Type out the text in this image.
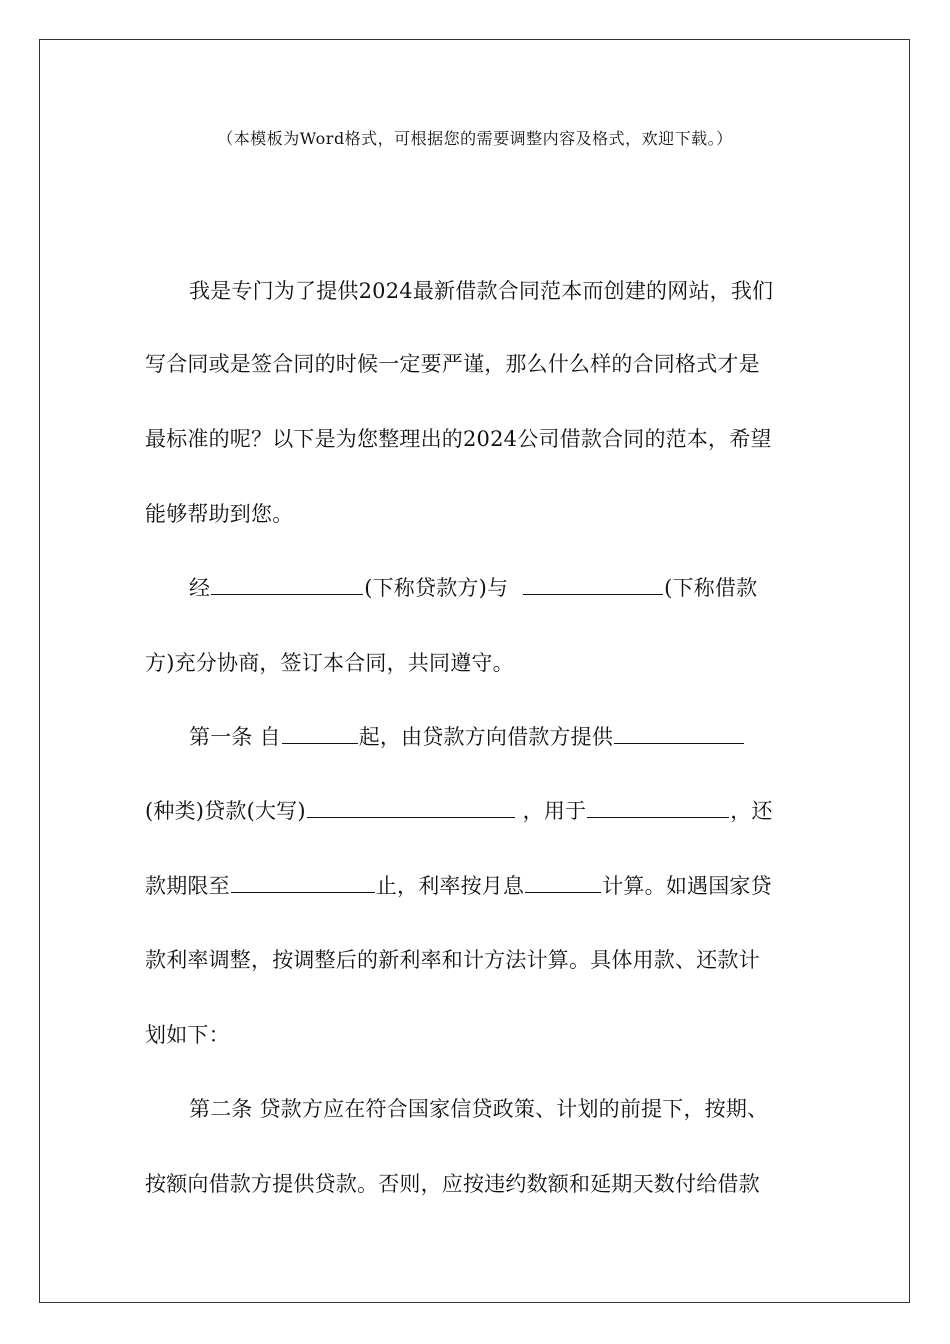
（本模板为Word格式，可根据您的需要调整内容及格式，欢迎下载。）
我是专门为了提供2024最新借款合同范本而创建的网站，我们
写合同或是签合同的时候一定要严谨，那么什么样的合同格式才是
最标准的呢？以下是为您整理出的2024公司借款合同的范本，希望
能够帮助到您。
经	(下称贷款方)与	(下称借款
方)充分协商，签订本合同，共同遵守。
第一条 自	起，由贷款方向借款方提供
(种类)贷款(大写)	，用于	，还
款期限至	止，利率按月息	计算。如遇国家贷
款利率调整，按调整后的新利率和计方法计算。具体用款、还款计
划如下：
第二条 贷款方应在符合国家信贷政策、计划的前提下，按期、
按额向借款方提供贷款。否则，应按违约数额和延期天数付给借款
